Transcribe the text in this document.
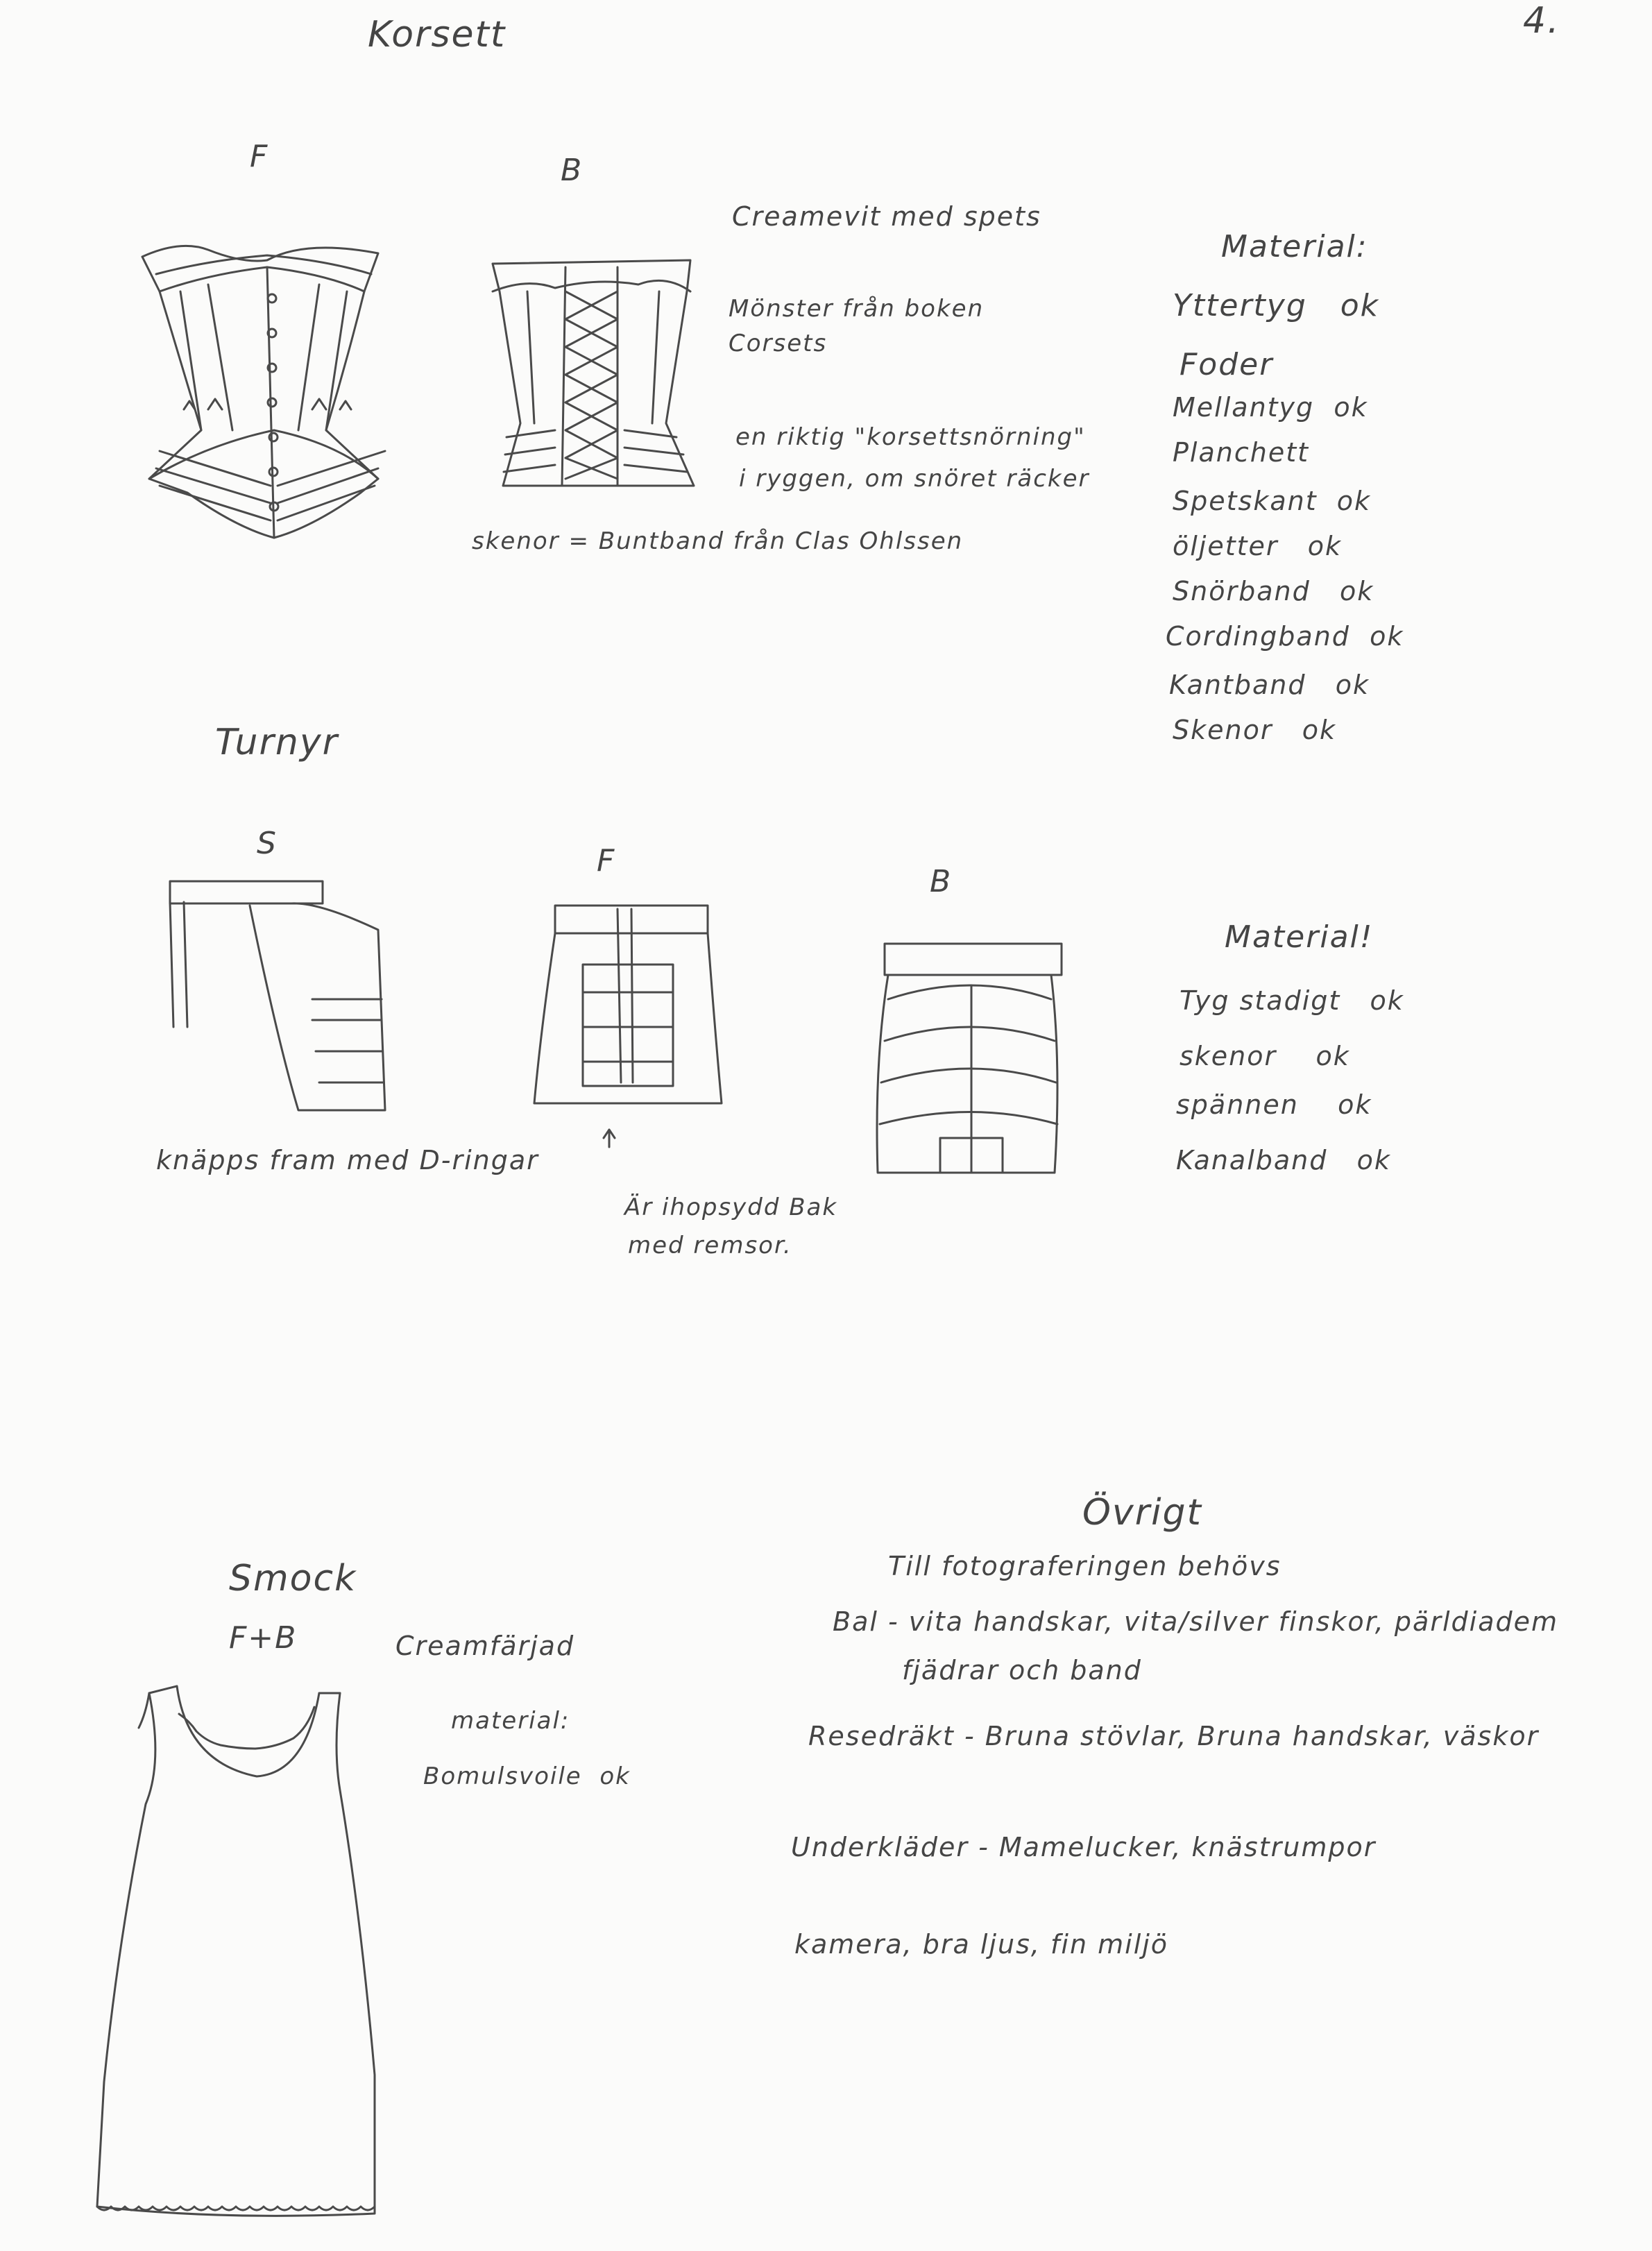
Korsett	4.
F	B
Creamevit med spets
Mönster från boken
Corsets
en riktig "korsettsnörning"
i ryggen, om snöret räcker
skenor = Buntband från Clas Ohlssen
Material:
Yttertyg ok
Foder
Mellantyg ok
Planchett
Spetskant ok
öljetter ok
Snörband ok
Cordingband ok
Kantband ok
Skenor ok
Turnyr
S	F
B
knäpps fram med D-ringar
Är ihopsydd Bak
med remsor.
Material!
Tyg stadigt ok
skenor ok
spännen ok
Kanalband ok
Smock
F+B	Creamfärjad
material:
Bomulsvoile ok
Övrigt
Till fotograferingen behövs
Bal - vita handskar, vita/silver finskor, pärldiadem
fjädrar och band
Resedräkt - Bruna stövlar, Bruna handskar, väskor
Underkläder - Mamelucker, knästrumpor
kamera, bra ljus, fin miljö
